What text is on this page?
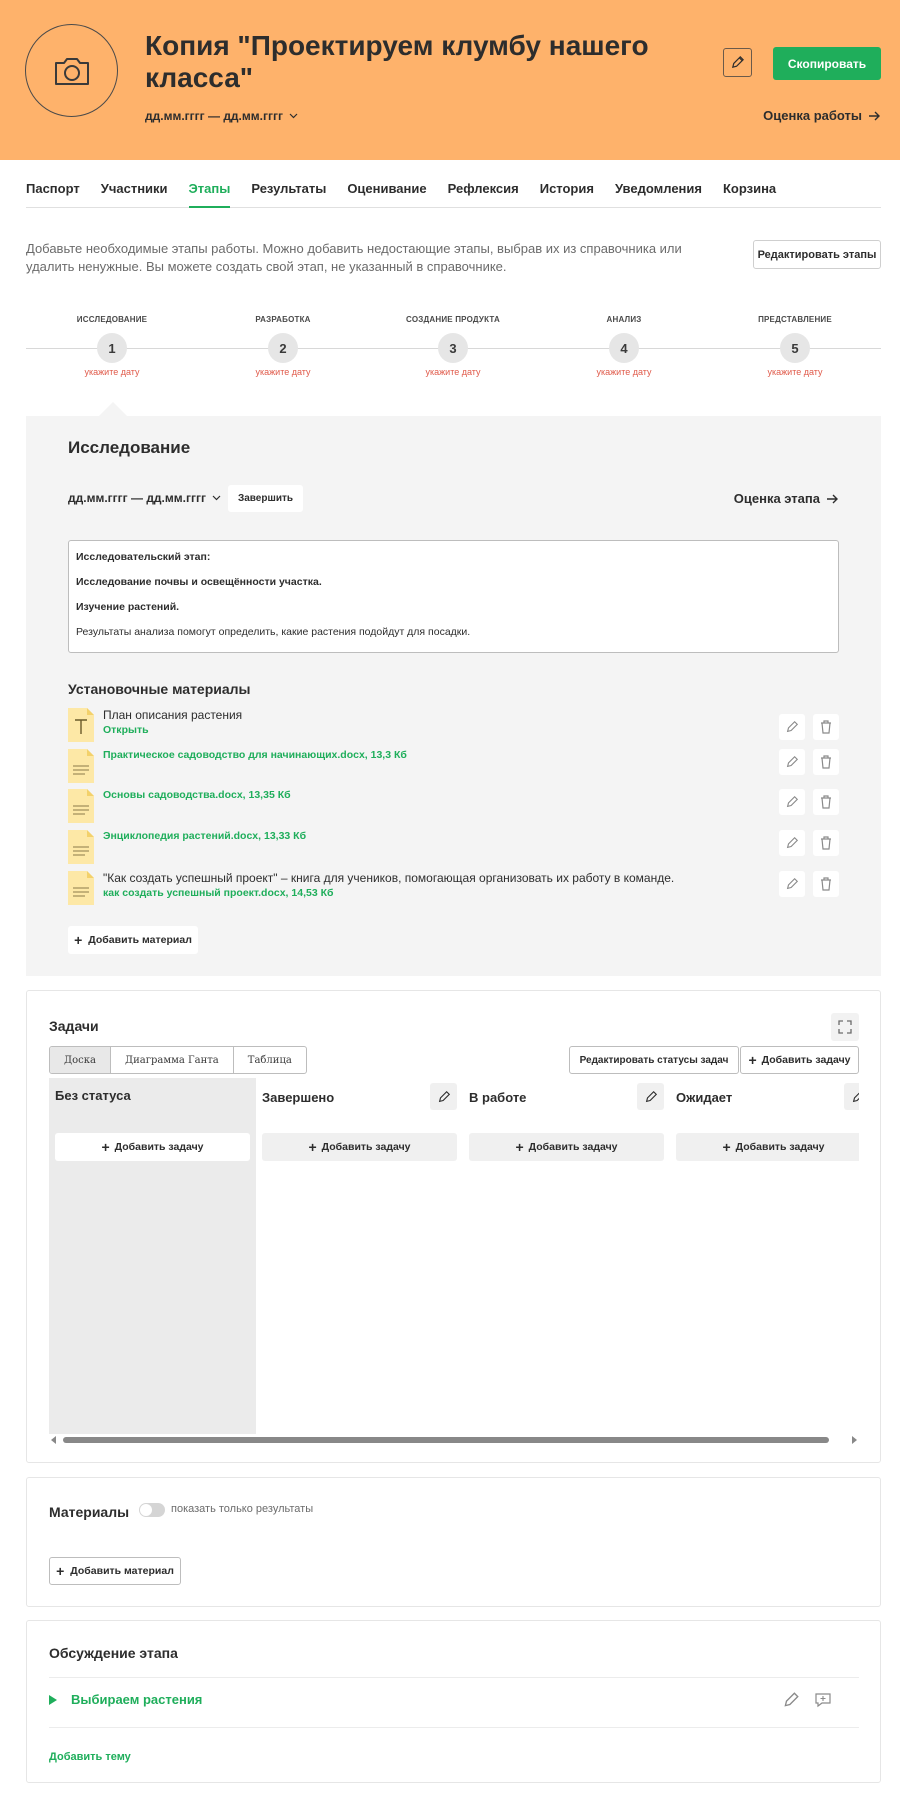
Копия "Проектируем клумбу нашего класса"
дд.мм.гггг — дд.мм.гггг
Скопировать
Оценка работы
Паспорт Участники Этапы Результаты Оценивание Рефлексия История Уведомления Корзина
Добавьте необходимые этапы работы. Можно добавить недостающие этапы, выбрав их из справочника или удалить ненужные. Вы можете создать свой этап, не указанный в справочнике.
Редактировать этапы
ИССЛЕДОВАНИЕ
1
укажите дату
РАЗРАБОТКА
2
укажите дату
СОЗДАНИЕ ПРОДУКТА
3
укажите дату
АНАЛИЗ
4
укажите дату
ПРЕДСТАВЛЕНИЕ
5
укажите дату
Исследование
дд.мм.гггг — дд.мм.гггг	Завершить	Оценка этапа

Исследовательский этап:

Исследование почвы и освещённости участка.

Изучение растений.

Результаты анализа помогут определить, какие растения подойдут для посадки.

Установочные материалы
План описания растения
Открыть
Практическое садоводство для начинающих.docx, 13,3 Кб
Основы садоводства.docx, 13,35 Кб
Энциклопедия растений.docx, 13,33 Кб
"Как создать успешный проект" – книга для учеников, помогающая организовать их работу в команде.
как создать успешный проект.docx, 14,53 Кб
+ Добавить материал
Задачи
Доска	Диаграмма Ганта	Таблица	Редактировать статусы задач	+ Добавить задачу
Без статуса
+ Добавить задачу
Завершено
+ Добавить задачу
В работе
+ Добавить задачу
Ожидает
+ Добавить задачу
Материалы	показать только результаты
+ Добавить материал
Обсуждение этапа
Выбираем растения
Добавить тему
